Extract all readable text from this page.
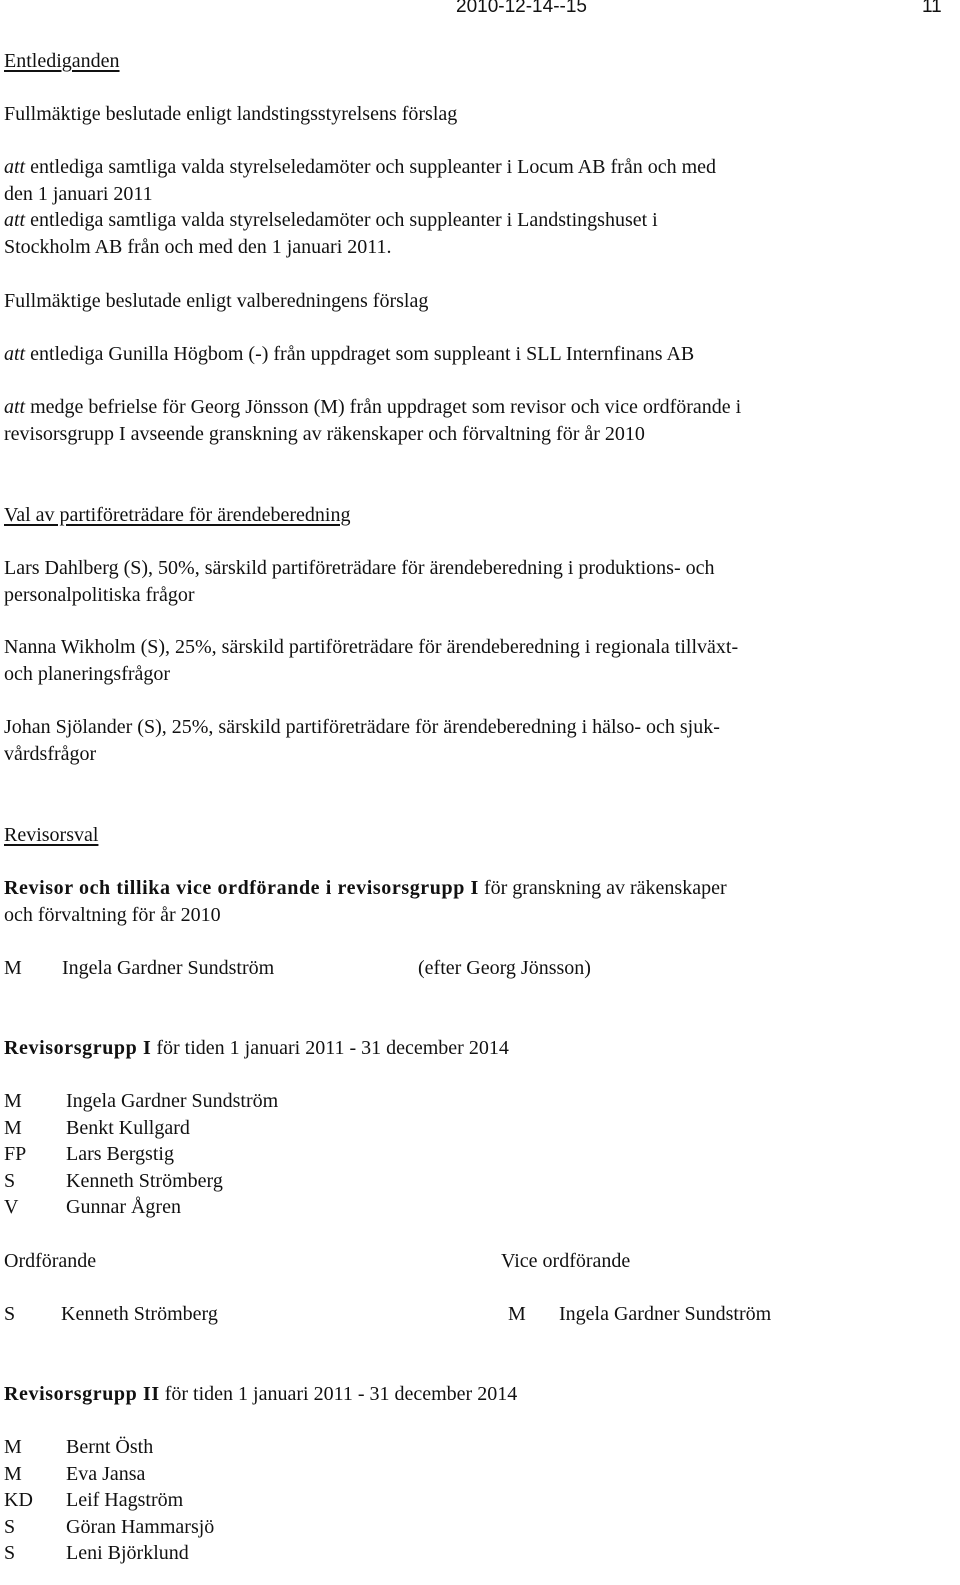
2010-12-14--15	11
Entlediganden
Fullmäktige beslutade enligt landstingsstyrelsens förslag
att entlediga samtliga valda styrelseledamöter och suppleanter i Locum AB från och med
den 1 januari 2011
att entlediga samtliga valda styrelseledamöter och suppleanter i Landstingshuset i
Stockholm AB från och med den 1 januari 2011.
Fullmäktige beslutade enligt valberedningens förslag
att entlediga Gunilla Högbom (-) från uppdraget som suppleant i SLL Internfinans AB
att medge befrielse för Georg Jönsson (M) från uppdraget som revisor och vice ordförande i
revisorsgrupp I avseende granskning av räkenskaper och förvaltning för år 2010
Val av partiföreträdare för ärendeberedning
Lars Dahlberg (S), 50%, särskild partiföreträdare för ärendeberedning i produktions- och
personalpolitiska frågor
Nanna Wikholm (S), 25%, särskild partiföreträdare för ärendeberedning i regionala tillväxt-
och planeringsfrågor
Johan Sjölander (S), 25%, särskild partiföreträdare för ärendeberedning i hälso- och sjuk-
vårdsfrågor
Revisorsval
Revisor och tillika vice ordförande i revisorsgrupp I för granskning av räkenskaper
och förvaltning för år 2010
M Ingela Gardner Sundström	(efter Georg Jönsson)
Revisorsgrupp I för tiden 1 januari 2011 - 31 december 2014
M Ingela Gardner Sundström
M Benkt Kullgard
FP Lars Bergstig
S	Kenneth Strömberg
V Gunnar Ågren
Ordförande	Vice ordförande
S Kenneth Strömberg	M Ingela Gardner Sundström
Revisorsgrupp II för tiden 1 januari 2011 - 31 december 2014
M Bernt Östh
M Eva Jansa
KD Leif Hagström
S	Göran Hammarsjö
S	Leni Björklund
